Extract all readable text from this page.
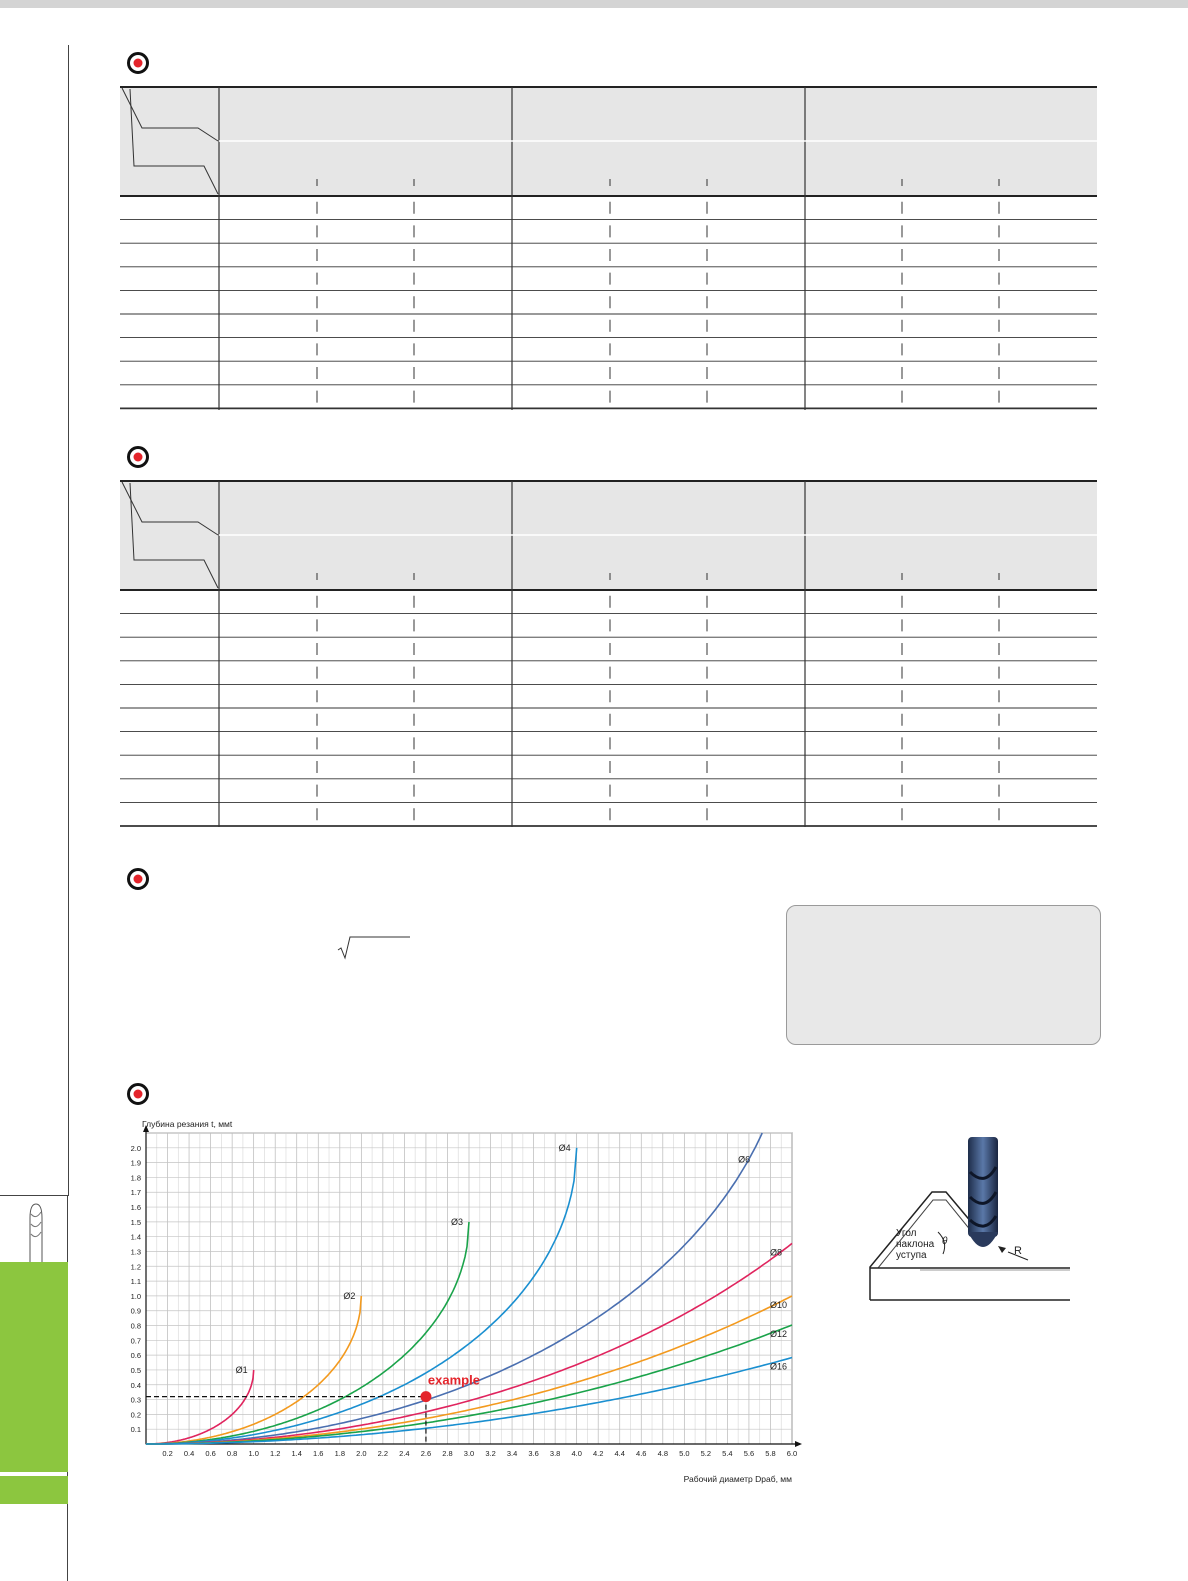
0.2 0.4 0.6 0.8 1.0 1.2 1.4 1.6 1.8 2.0 2.2 2.4 2.6 2.8 3.0 3.2 3.4 3.6 3.8 4.0 4.2 4.4 4.6 4.8 5.0 5.2 5.4 5.6 5.8 6.0
0.1
0.2
0.3
0.4
0.5
0.6
0.7
0.8
0.9
1.0
1.1
1.2
1.3
1.4
1.5
1.6
1.7
1.8
1.9
2.0
Ø1
Ø2
Ø3
Ø4
Ø6
Ø8
Ø10
Ø12
Ø16
example
Глубина резания t, ммt
Рабочий диаметр Dраб, мм
Угол
наклона
уступа
θ
R
